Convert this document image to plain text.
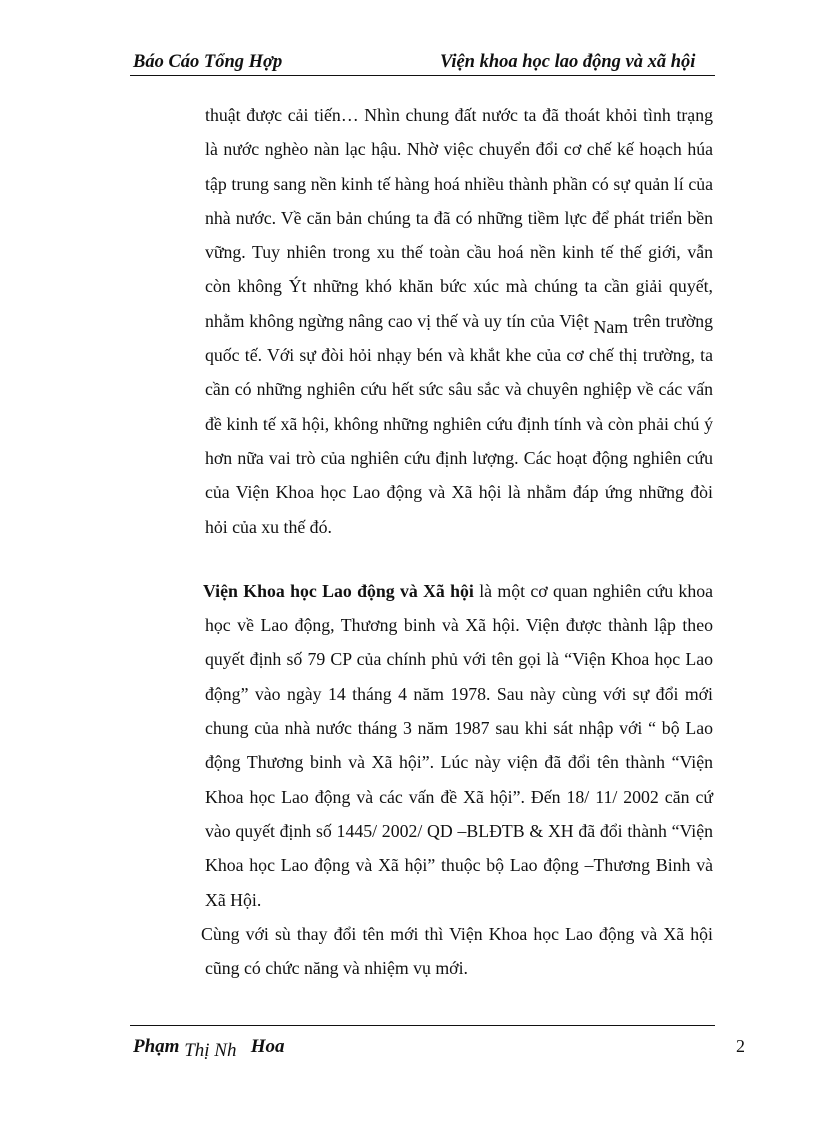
Báo Cáo Tổng Hợp	Viện khoa học lao động và xã hội

thuật được cải tiến… Nhìn chung đất nước ta đã thoát khỏi tình trạng là nước nghèo nàn lạc hậu. Nhờ việc chuyển đổi cơ chế kế hoạch húa tập trung sang nền kinh tế hàng hoá nhiều thành phần có sự quản lí của nhà nước. Về căn bản chúng ta đã có những tiềm lực để phát triển bền vững. Tuy nhiên trong xu thế toàn cầu hoá nền kinh tế thế giới, vẫn còn không Ýt những khó khăn bức xúc mà chúng ta cần giải quyết, nhằm không ngừng nâng cao vị thế và uy tín của Việt Nam trên trường quốc tế. Với sự đòi hỏi nhạy bén và khắt khe của cơ chế thị trường, ta cần có những nghiên cứu hết sức sâu sắc và chuyên nghiệp về các vấn đề kinh tế xã hội, không những nghiên cứu định tính và còn phải chú ý hơn nữa vai trò của nghiên cứu định lượng. Các hoạt động nghiên cứu của Viện Khoa học Lao động và Xã hội là nhằm đáp ứng những đòi hỏi của xu thế đó.

Viện Khoa học Lao động và Xã hội là một cơ quan nghiên cứu khoa học về Lao động, Thương binh và Xã hội. Viện được thành lập theo quyết định số 79 CP của chính phủ với tên gọi là “Viện Khoa học Lao động” vào ngày 14 tháng 4 năm 1978. Sau này cùng với sự đổi mới chung của nhà nước tháng 3 năm 1987 sau khi sát nhập với “ bộ Lao động Thương binh và Xã hội”. Lúc này viện đã đổi tên thành “Viện Khoa học Lao động và các vấn đề Xã hội”. Đến 18/ 11/ 2002 căn cứ vào quyết định số 1445/ 2002/ QD –BLĐTB & XH đã đổi thành “Viện Khoa học Lao động và Xã hội” thuộc bộ Lao động –Thương Binh và Xã Hội.

Cùng với sù thay đổi tên mới thì Viện Khoa học Lao động và Xã hội cũng có chức năng và nhiệm vụ mới.

Phạm Thị Nh Hoa	2
